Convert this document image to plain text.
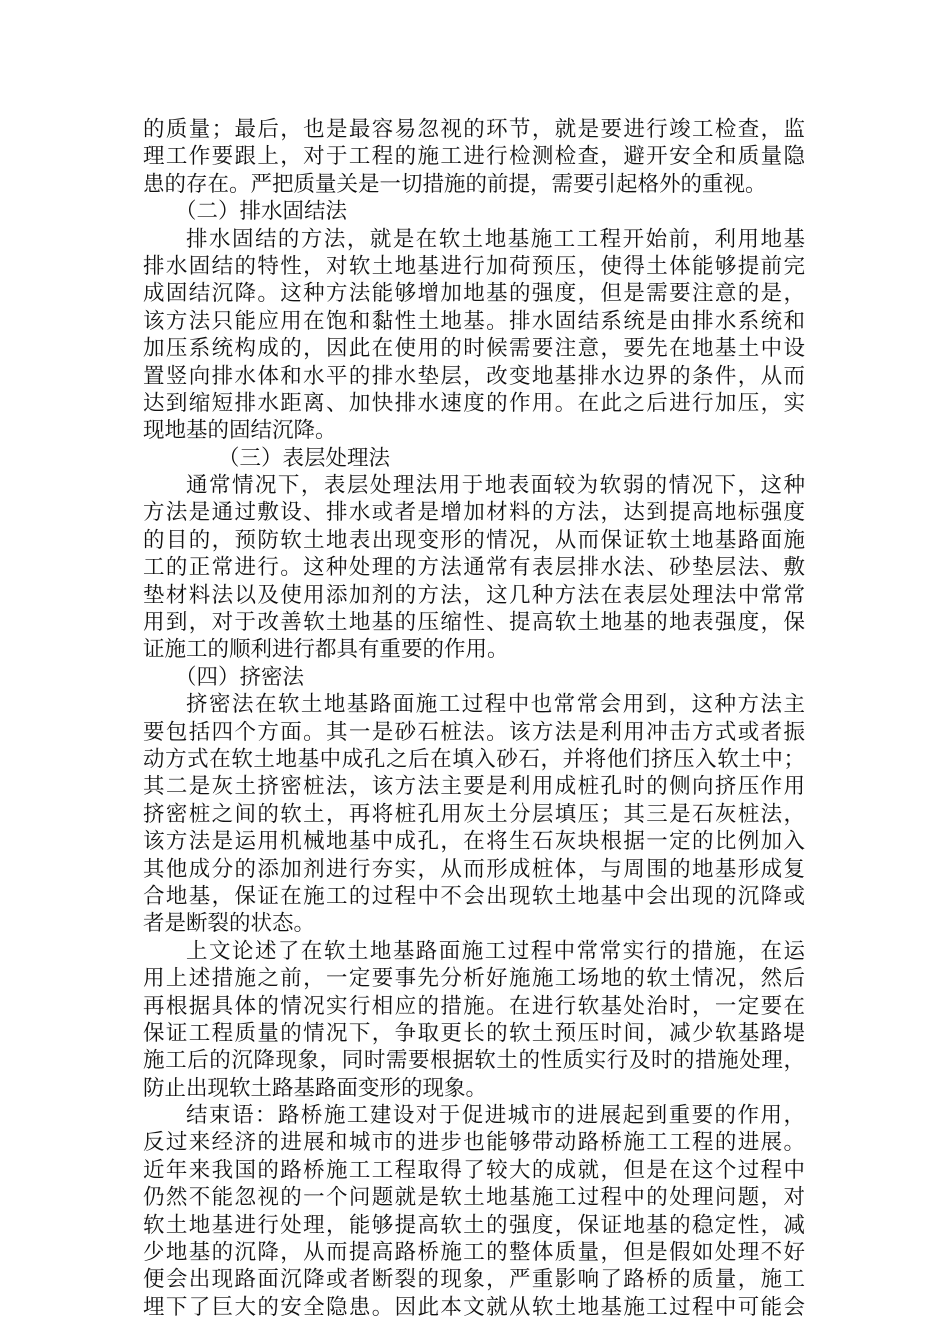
的质量；最后，也是最容易忽视的环节，就是要进行竣工检查，监
理工作要跟上，对于工程的施工进行检测检查，避开安全和质量隐
患的存在。严把质量关是一切措施的前提，需要引起格外的重视。
（二）排水固结法
排水固结的方法，就是在软土地基施工工程开始前，利用地基
排水固结的特性，对软土地基进行加荷预压，使得土体能够提前完
成固结沉降。这种方法能够增加地基的强度，但是需要注意的是，
该方法只能应用在饱和黏性土地基。排水固结系统是由排水系统和
加压系统构成的，因此在使用的时候需要注意，要先在地基土中设
置竖向排水体和水平的排水垫层，改变地基排水边界的条件，从而
达到缩短排水距离、加快排水速度的作用。在此之后进行加压，实
现地基的固结沉降。
（三）表层处理法
通常情况下，表层处理法用于地表面较为软弱的情况下，这种
方法是通过敷设、排水或者是增加材料的方法，达到提高地标强度
的目的，预防软土地表出现变形的情况，从而保证软土地基路面施
工的正常进行。这种处理的方法通常有表层排水法、砂垫层法、敷
垫材料法以及使用添加剂的方法，这几种方法在表层处理法中常常
用到，对于改善软土地基的压缩性、提高软土地基的地表强度，保
证施工的顺利进行都具有重要的作用。
（四）挤密法
挤密法在软土地基路面施工过程中也常常会用到，这种方法主
要包括四个方面。其一是砂石桩法。该方法是利用冲击方式或者振
动方式在软土地基中成孔之后在填入砂石，并将他们挤压入软土中；
其二是灰土挤密桩法，该方法主要是利用成桩孔时的侧向挤压作用
挤密桩之间的软土，再将桩孔用灰土分层填压；其三是石灰桩法，
该方法是运用机械地基中成孔，在将生石灰块根据一定的比例加入
其他成分的添加剂进行夯实，从而形成桩体，与周围的地基形成复
合地基，保证在施工的过程中不会出现软土地基中会出现的沉降或
者是断裂的状态。
上文论述了在软土地基路面施工过程中常常实行的措施，在运
用上述措施之前，一定要事先分析好施施工场地的软土情况，然后
再根据具体的情况实行相应的措施。在进行软基处治时，一定要在
保证工程质量的情况下，争取更长的软土预压时间，减少软基路堤
施工后的沉降现象，同时需要根据软土的性质实行及时的措施处理，
防止出现软土路基路面变形的现象。
结束语：路桥施工建设对于促进城市的进展起到重要的作用，
反过来经济的进展和城市的进步也能够带动路桥施工工程的进展。
近年来我国的路桥施工工程取得了较大的成就，但是在这个过程中
仍然不能忽视的一个问题就是软土地基施工过程中的处理问题，对
软土地基进行处理，能够提高软土的强度，保证地基的稳定性，减
少地基的沉降，从而提高路桥施工的整体质量，但是假如处理不好
便会出现路面沉降或者断裂的现象，严重影响了路桥的质量，施工
埋下了巨大的安全隐患。因此本文就从软土地基施工过程中可能会
